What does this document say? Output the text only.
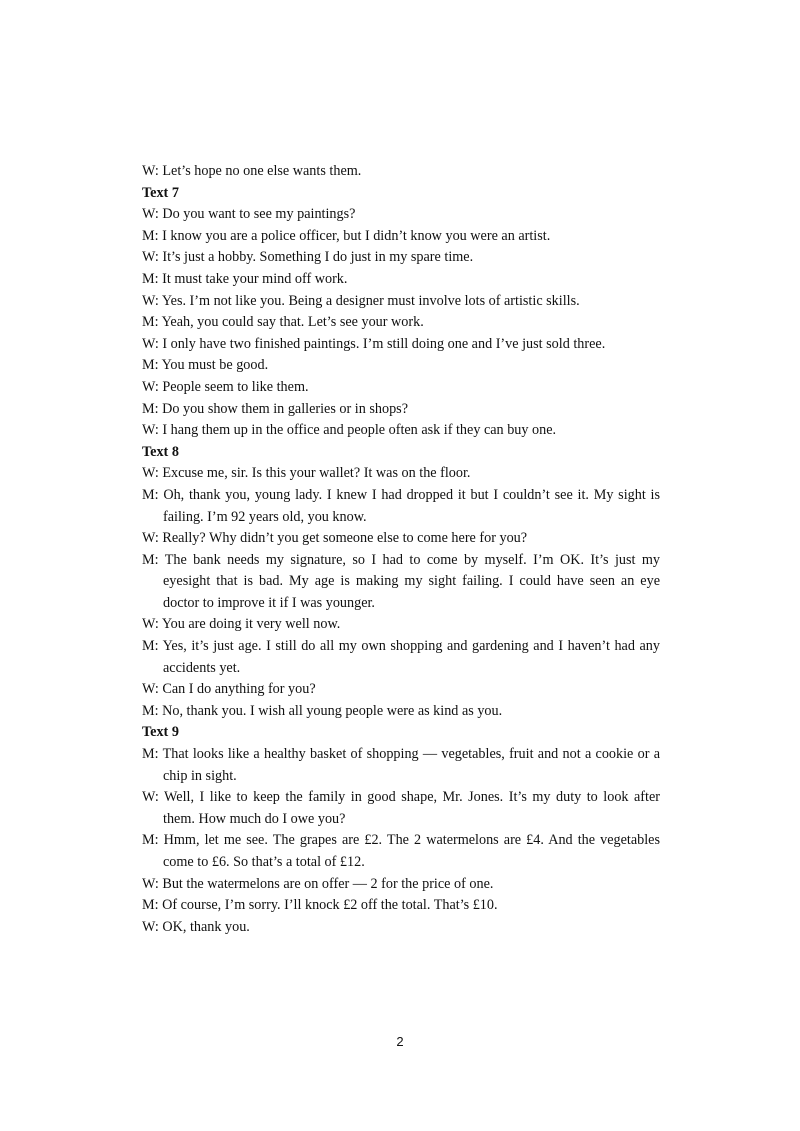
W: Let’s hope no one else wants them.

Text 7

W: Do you want to see my paintings?

M: I know you are a police officer, but I didn’t know you were an artist.

W: It’s just a hobby. Something I do just in my spare time.

M: It must take your mind off work.

W: Yes. I’m not like you. Being a designer must involve lots of artistic skills.

M: Yeah, you could say that. Let’s see your work.

W: I only have two finished paintings. I’m still doing one and I’ve just sold three.

M: You must be good.

W: People seem to like them.

M: Do you show them in galleries or in shops?

W: I hang them up in the office and people often ask if they can buy one.

Text 8

W: Excuse me, sir. Is this your wallet? It was on the floor.

M: Oh, thank you, young lady. I knew I had dropped it but I couldn’t see it. My sight is failing. I’m 92 years old, you know.

W: Really? Why didn’t you get someone else to come here for you?

M: The bank needs my signature, so I had to come by myself. I’m OK. It’s just my eyesight that is bad. My age is making my sight failing. I could have seen an eye doctor to improve it if I was younger.

W: You are doing it very well now.

M: Yes, it’s just age. I still do all my own shopping and gardening and I haven’t had any accidents yet.

W: Can I do anything for you?

M: No, thank you. I wish all young people were as kind as you.

Text 9

M: That looks like a healthy basket of shopping — vegetables, fruit and not a cookie or a chip in sight.

W: Well, I like to keep the family in good shape, Mr. Jones. It’s my duty to look after them. How much do I owe you?

M: Hmm, let me see. The grapes are £2. The 2 watermelons are £4. And the vegetables come to £6. So that’s a total of £12.

W: But the watermelons are on offer — 2 for the price of one.

M: Of course, I’m sorry. I’ll knock £2 off the total. That’s £10.

W: OK, thank you.

2
